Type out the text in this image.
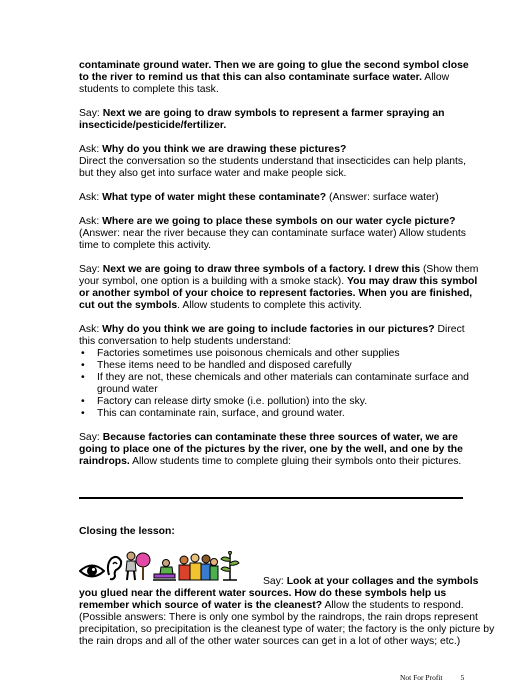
contaminate ground water. Then we are going to glue the second symbol close to the river to remind us that this can also contaminate surface water. Allow students to complete this task.

Say: Next we are going to draw symbols to represent a farmer spraying an insecticide/pesticide/fertilizer.

Ask: Why do you think we are drawing these pictures?
Direct the conversation so the students understand that insecticides can help plants, but they also get into surface water and make people sick.

Ask: What type of water might these contaminate? (Answer: surface water)

Ask: Where are we going to place these symbols on our water cycle picture?
(Answer: near the river because they can contaminate surface water) Allow students time to complete this activity.

Say: Next we are going to draw three symbols of a factory. I drew this (Show them your symbol, one option is a building with a smoke stack). You may draw this symbol or another symbol of your choice to represent factories. When you are finished, cut out the symbols. Allow students to complete this activity.

Ask: Why do you think we are going to include factories in our pictures? Direct this conversation to help students understand:

• Factories sometimes use poisonous chemicals and other supplies
• These items need to be handled and disposed carefully
• If they are not, these chemicals and other materials can contaminate surface and ground water
• Factory can release dirty smoke (i.e. pollution) into the sky.
• This can contaminate rain, surface, and ground water.

Say: Because factories can contaminate these three sources of water, we are going to place one of the pictures by the river, one by the well, and one by the raindrops. Allow students time to complete gluing their symbols onto their pictures.

Closing the lesson:
Say: Look at your collages and the symbols you glued near the different water sources. How do these symbols help us remember which source of water is the cleanest? Allow the students to respond. (Possible answers: There is only one symbol by the raindrops, the rain drops represent precipitation, so precipitation is the cleanest type of water; the factory is the only picture by the rain drops and all of the other water sources can get in a lot of other ways; etc.)
Not For Profit 5
